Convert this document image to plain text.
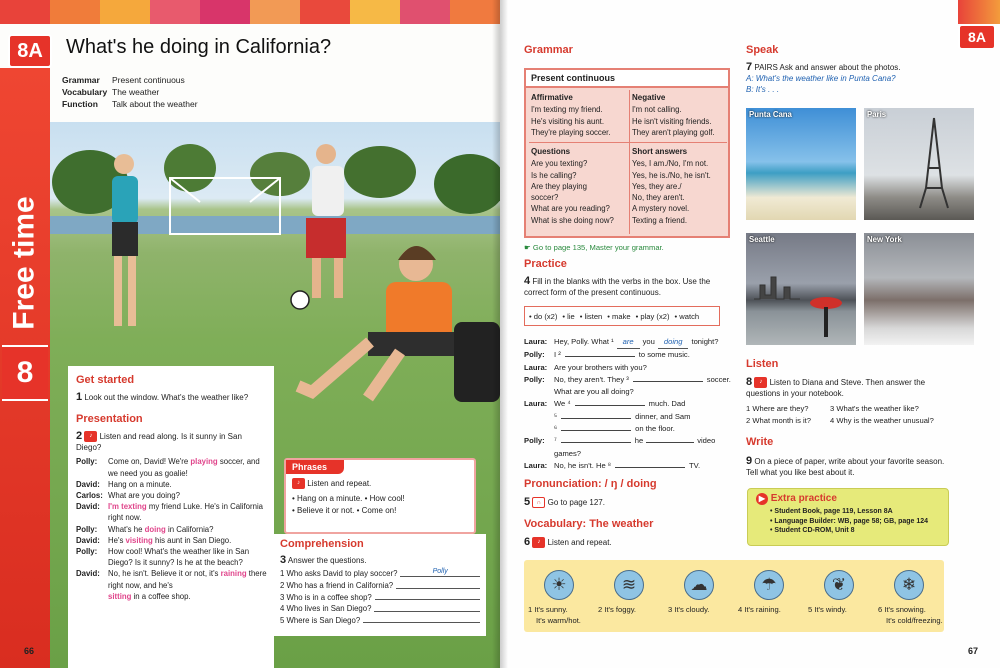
8A	What's he doing in California?
Grammar Present continuous
Vocabulary The weather
Function Talk about the weather
Free time
8	Get started
1 Look out the window. What's the weather like?
Presentation
2 ♪ Listen and read along. Is it sunny in San Diego?
Polly:	Come on, David! We're playing soccer, and we need you as goalie!
David:	Hang on a minute.
Carlos: What are you doing?
David:	I'm texting my friend Luke. He's in California right now.
Polly:	What's he doing in California?
David:	He's visiting his aunt in San Diego.
Polly:	How cool! What's the weather like in San Diego? Is it sunny? Is he at the beach?
David:	No, he isn't. Believe it or not, it's raining there right now, and he's
sitting in a coffee shop.
Phrases
♪ Listen and repeat.
• Hang on a minute. • How cool!
• Believe it or not. • Come on!
Comprehension
3 Answer the questions.
1 Who asks David to play soccer?	Polly
2 Who has a friend in California?
3 Who is in a coffee shop?
4 Who lives in San Diego?
5 Where is San Diego?
66
8A
Grammar
Present continuous
Affirmative
I'm texting my friend.
He's visiting his aunt.
They're playing soccer.
Negative
I'm not calling.
He isn't visiting friends.
They aren't playing golf.
Questions
Are you texting?
Is he calling?
Are they playing
soccer?
What are you reading?
What is she doing now?
Short answers
Yes, I am./No, I'm not.
Yes, he is./No, he isn't.
Yes, they are./
No, they aren't.
A mystery novel.
Texting a friend.
☛ Go to page 135, Master your grammar.
Practice
4 Fill in the blanks with the verbs in the box. Use the correct form of the present continuous.
• do (x2) • lie • listen • make • play (x2) • watch
Laura: Hey, Polly. What ¹	are	you	doing	tonight?
Polly:	I ²	to some music.
Laura: Are your brothers with you?
Polly:	No, they aren't. They ³	soccer.
What are you all doing?
Laura: We ⁴	much. Dad
⁵	dinner, and Sam
⁶	on the floor.
Polly:	⁷	he	video
games?
Laura: No, he isn't. He ⁸	TV.
Pronunciation: / ŋ / doing
5 ∩ Go to page 127.
Vocabulary: The weather
6 ♪ Listen and repeat.
☀
1 It's sunny.
It's warm/hot.
≋
2 It's foggy.
☁
3 It's cloudy.
☂
4 It's raining.
❦
5 It's windy.
❄
6 It's snowing.
It's cold/freezing.
Speak
7 PAIRS Ask and answer about the photos.
A: What's the weather like in Punta Cana?
B: It's . . .
Punta Cana	Paris
Seattle	New York
Listen
8 ♪ Listen to Diana and Steve. Then answer the questions in your notebook.
1 Where are they?	3 What's the weather like?
2 What month is it?	4 Why is the weather unusual?
Write
9 On a piece of paper, write about your favorite season. Tell what you like best about it.
▶ Extra practice
• Student Book, page 119, Lesson 8A
• Language Builder: WB, page 58; GB, page 124
• Student CD-ROM, Unit 8
67
